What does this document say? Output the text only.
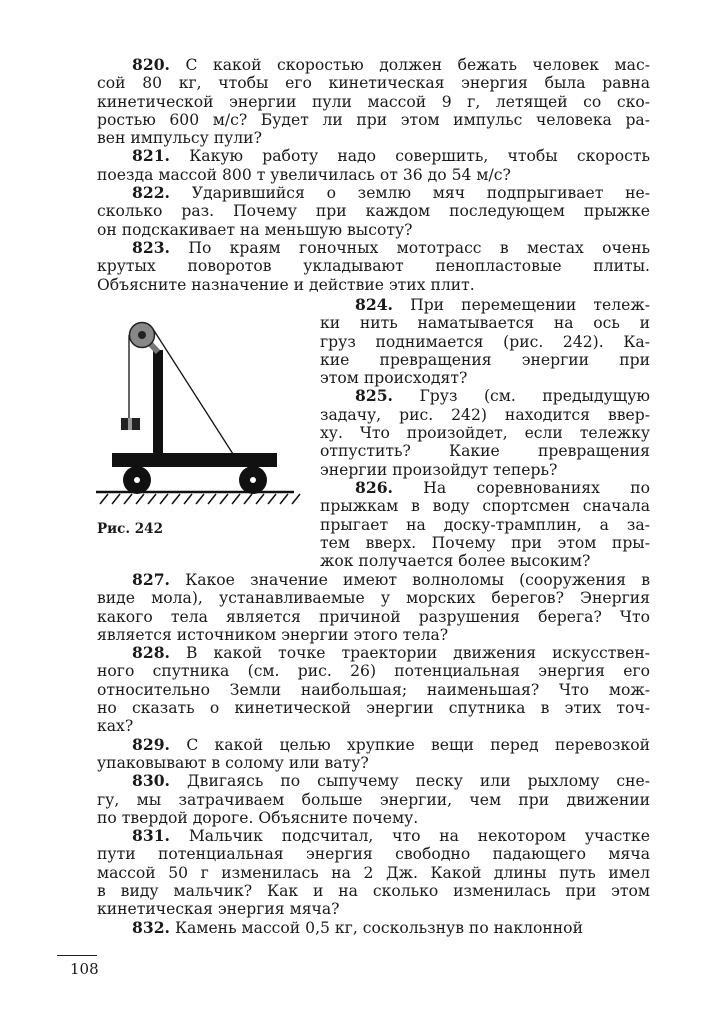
820. С какой скоростью должен бежать человек мас-
сой 80 кг, чтобы его кинетическая энергия была равна
кинетической энергии пули массой 9 г, летящей со ско-
ростью 600 м/с? Будет ли при этом импульс человека ра-
вен импульсу пули?
821. Какую работу надо совершить, чтобы скорость
поезда массой 800 т увеличилась от 36 до 54 м/с?
822. Ударившийся о землю мяч подпрыгивает не-
сколько раз. Почему при каждом последующем прыжке
он подскакивает на меньшую высоту?
823. По краям гоночных мототрасс в местах очень
крутых поворотов укладывают пенопластовые плиты.
Объясните назначение и действие этих плит.
Рис. 242
824. При перемещении тележ-
ки нить наматывается на ось и
груз поднимается (рис. 242). Ка-
кие превращения энергии при
этом происходят?
825. Груз (см. предыдущую
задачу, рис. 242) находится ввер-
ху. Что произойдет, если тележку
отпустить? Какие превращения
энергии произойдут теперь?
826. На соревнованиях по
прыжкам в воду спортсмен сначала
прыгает на доску-трамплин, а за-
тем вверх. Почему при этом пры-
жок получается более высоким?
827. Какое значение имеют волноломы (сооружения в
виде мола), устанавливаемые у морских берегов? Энергия
какого тела является причиной разрушения берега? Что
является источником энергии этого тела?
828. В какой точке траектории движения искусствен-
ного спутника (см. рис. 26) потенциальная энергия его
относительно Земли наибольшая; наименьшая? Что мож-
но сказать о кинетической энергии спутника в этих точ-
ках?
829. С какой целью хрупкие вещи перед перевозкой
упаковывают в солому или вату?
830. Двигаясь по сыпучему песку или рыхлому сне-
гу, мы затрачиваем больше энергии, чем при движении
по твердой дороге. Объясните почему.
831. Мальчик подсчитал, что на некотором участке
пути потенциальная энергия свободно падающего мяча
массой 50 г изменилась на 2 Дж. Какой длины путь имел
в виду мальчик? Как и на сколько изменилась при этом
кинетическая энергия мяча?
832. Камень массой 0,5 кг, соскользнув по наклонной
108
